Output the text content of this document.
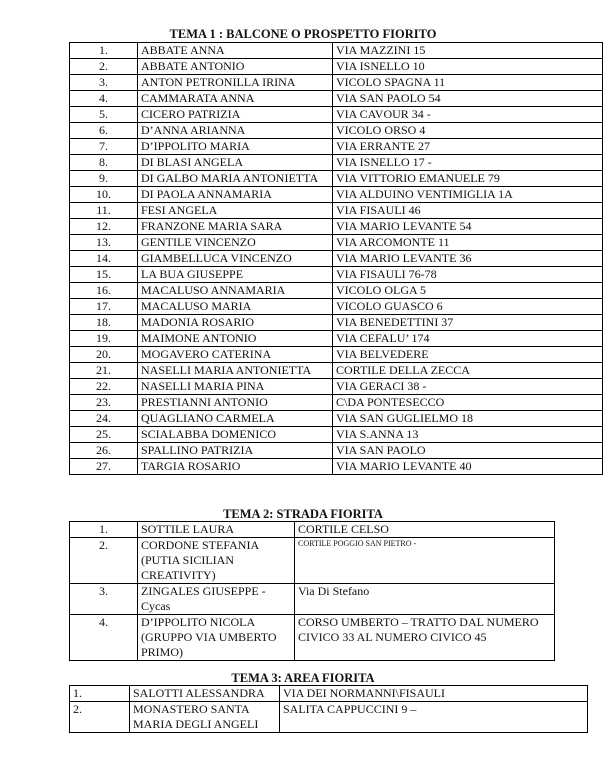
TEMA 1 : BALCONE O PROSPETTO FIORITO
1.	ABBATE ANNA	VIA MAZZINI 15
2.	ABBATE ANTONIO	VIA ISNELLO 10
3.	ANTON PETRONILLA IRINA	VICOLO SPAGNA 11
4.	CAMMARATA ANNA	VIA SAN PAOLO 54
5.	CICERO PATRIZIA	VIA CAVOUR 34 -
6.	D’ANNA ARIANNA	VICOLO ORSO 4
7.	D’IPPOLITO MARIA	VIA ERRANTE 27
8.	DI BLASI ANGELA	VIA ISNELLO 17 -
9.	DI GALBO MARIA ANTONIETTA	VIA VITTORIO EMANUELE 79
10.	DI PAOLA ANNAMARIA	VIA ALDUINO VENTIMIGLIA 1A
11.	FESI ANGELA	VIA FISAULI 46
12.	FRANZONE MARIA SARA	VIA MARIO LEVANTE 54
13.	GENTILE VINCENZO	VIA ARCOMONTE 11
14.	GIAMBELLUCA VINCENZO	VIA MARIO LEVANTE 36
15.	LA BUA GIUSEPPE	VIA FISAULI 76-78
16.	MACALUSO ANNAMARIA	VICOLO OLGA 5
17.	MACALUSO MARIA	VICOLO GUASCO 6
18.	MADONIA ROSARIO	VIA BENEDETTINI 37
19.	MAIMONE ANTONIO	VIA CEFALU’ 174
20.	MOGAVERO CATERINA	VIA BELVEDERE
21.	NASELLI MARIA ANTONIETTA	CORTILE DELLA ZECCA
22.	NASELLI MARIA PINA	VIA GERACI 38 -
23.	PRESTIANNI ANTONIO	C\DA PONTESECCO
24.	QUAGLIANO CARMELA	VIA SAN GUGLIELMO 18
25.	SCIALABBA DOMENICO	VIA S.ANNA 13
26.	SPALLINO PATRIZIA	VIA SAN PAOLO
27.	TARGIA ROSARIO	VIA MARIO LEVANTE 40
TEMA 2: STRADA FIORITA
1.	SOTTILE LAURA	CORTILE CELSO
2.	CORDONE STEFANIA (PUTIA SICILIAN CREATIVITY)	CORTILE POGGIO SAN PIETRO -
3.	ZINGALES GIUSEPPE - Cycas	Via Di Stefano
4.	D’IPPOLITO NICOLA (GRUPPO VIA UMBERTO PRIMO)	CORSO UMBERTO – TRATTO DAL NUMERO CIVICO 33 AL NUMERO CIVICO 45
TEMA 3: AREA FIORITA
1.	SALOTTI ALESSANDRA	VIA DEI NORMANNI\FISAULI
2.	MONASTERO SANTA MARIA DEGLI ANGELI	SALITA CAPPUCCINI 9 –
